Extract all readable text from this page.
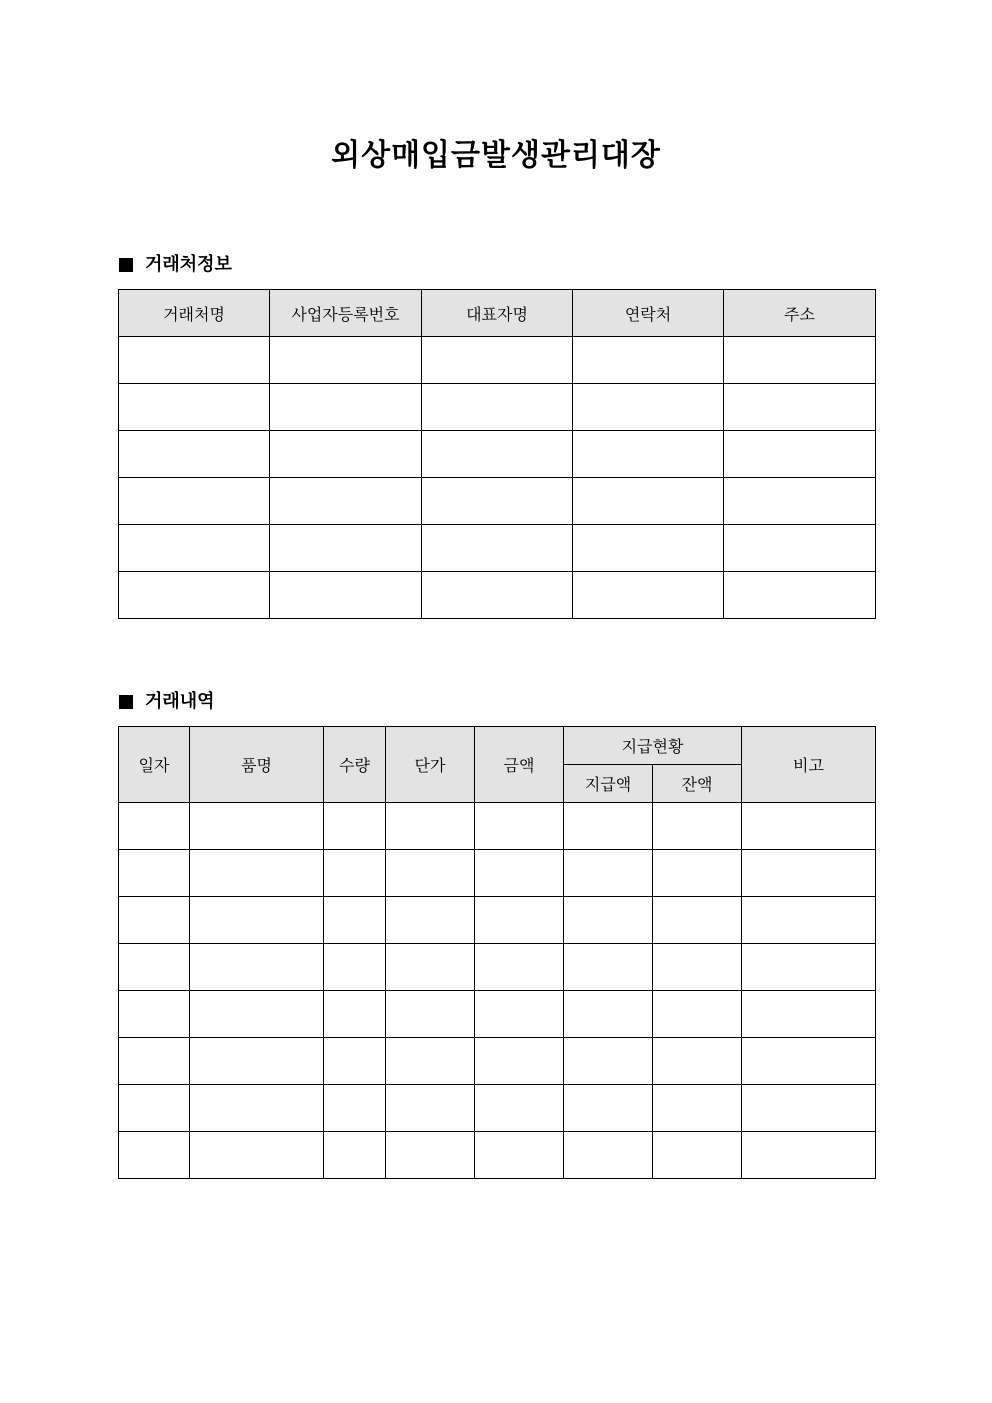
외상매입금발생관리대장
거래처정보
거래처명	사업자등록번호	대표자명	연락처	주소

거래내역
일자	품명	수량	단가	금액	지급현황		비고
					지급액	잔액	
